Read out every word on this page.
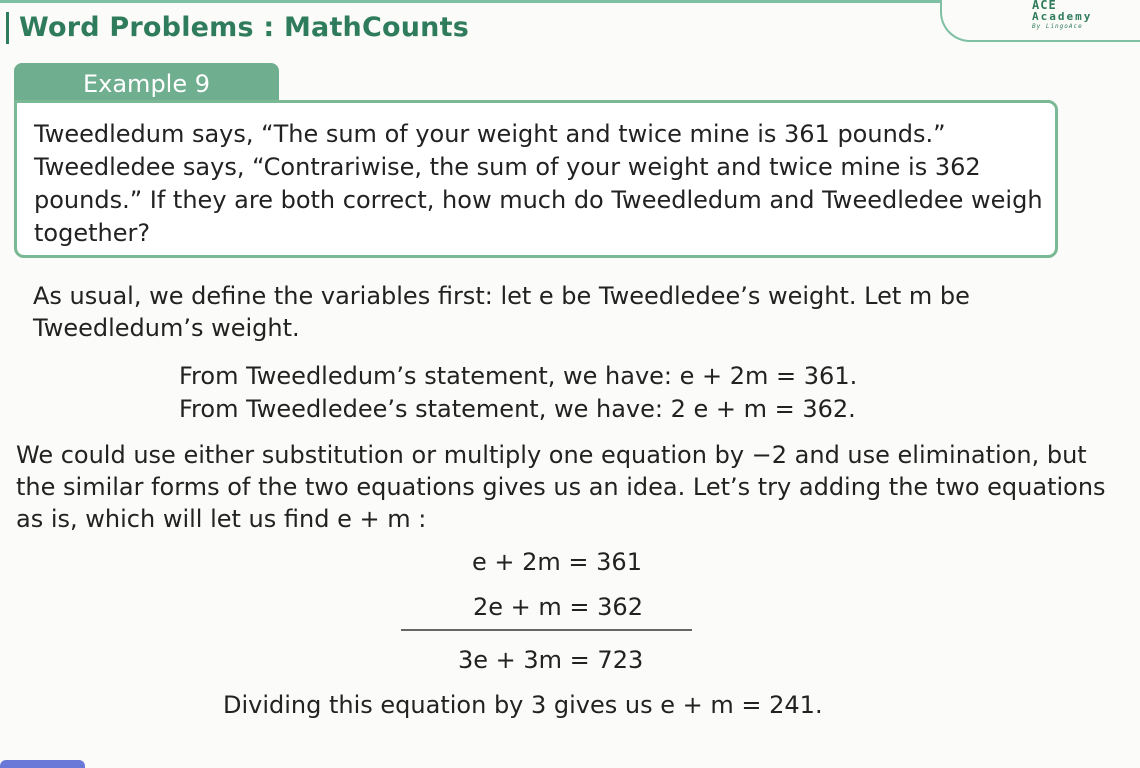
Word Problems : MathCounts
ACE
Academy
By LingoAce
Example 9
Tweedledum says, “The sum of your weight and twice mine is 361 pounds.” Tweedledee says, “Contrariwise, the sum of your weight and twice mine is 362 pounds.” If they are both correct, how much do Tweedledum and Tweedledee weigh together?
As usual, we define the variables first: let e be Tweedledee’s weight. Let m be Tweedledum’s weight.
From Tweedledum’s statement, we have: e + 2m = 361.
From Tweedledee’s statement, we have: 2 e + m = 362.
We could use either substitution or multiply one equation by −2 and use elimination, but the similar forms of the two equations gives us an idea. Let’s try adding the two equations as is, which will let us find e + m :
e + 2m = 361
2e + m = 362
3e + 3m = 723
Dividing this equation by 3 gives us e + m = 241.
